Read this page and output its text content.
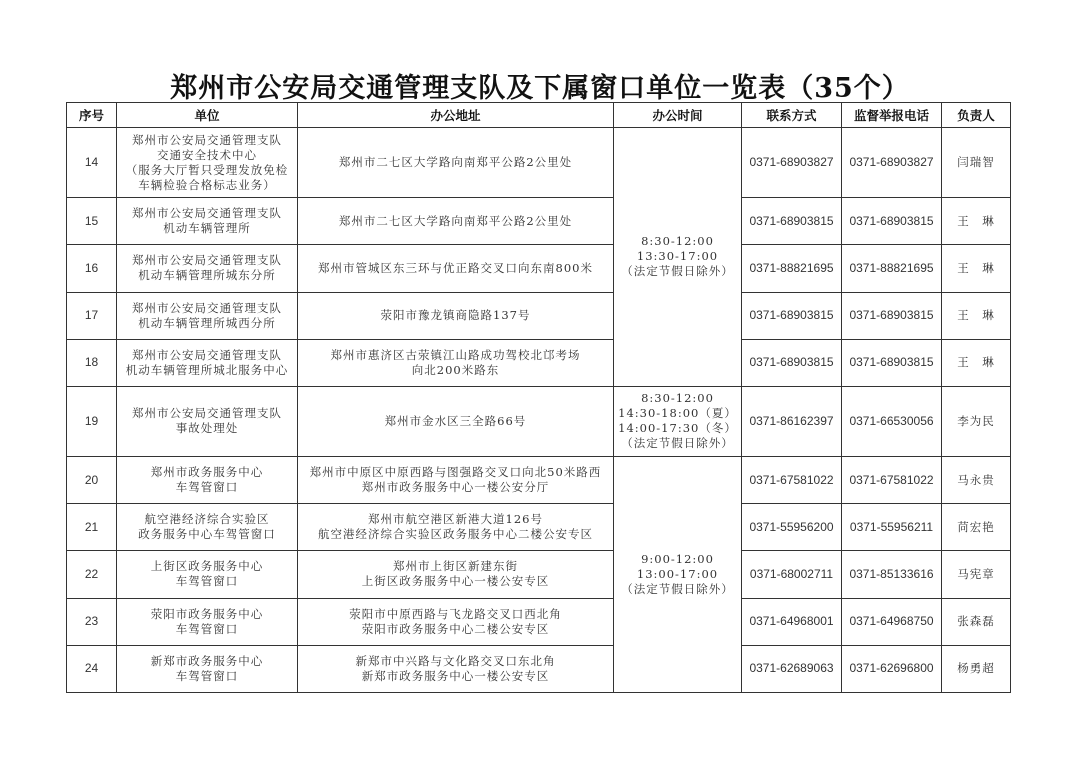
郑州市公安局交通管理支队及下属窗口单位一览表（35个）
序号	单位	办公地址	办公时间	联系方式	监督举报电话	负责人
14	郑州市公安局交通管理支队
交通安全技术中心
（服务大厅暂只受理发放免检
车辆检验合格标志业务）	郑州市二七区大学路向南郑平公路2公里处	8:30-12:00
13:30-17:00
（法定节假日除外）	0371-68903827	0371-68903827	闫瑞智
15	郑州市公安局交通管理支队
机动车辆管理所	郑州市二七区大学路向南郑平公路2公里处		0371-68903815	0371-68903815	王　琳
16	郑州市公安局交通管理支队
机动车辆管理所城东分所	郑州市管城区东三环与优正路交叉口向东南800米		0371-88821695	0371-88821695	王　琳
17	郑州市公安局交通管理支队
机动车辆管理所城西分所	荥阳市豫龙镇商隐路137号		0371-68903815	0371-68903815	王　琳
18	郑州市公安局交通管理支队
机动车辆管理所城北服务中心	郑州市惠济区古荥镇江山路成功驾校北邙考场
向北200米路东		0371-68903815	0371-68903815	王　琳
19	郑州市公安局交通管理支队
事故处理处	郑州市金水区三全路66号	8:30-12:00
14:30-18:00（夏）
14:00-17:30（冬）
（法定节假日除外）	0371-86162397	0371-66530056	李为民
20	郑州市政务服务中心
车驾管窗口	郑州市中原区中原西路与图强路交叉口向北50米路西
郑州市政务服务中心一楼公安分厅	9:00-12:00
13:00-17:00
（法定节假日除外）	0371-67581022	0371-67581022	马永贵
21	航空港经济综合实验区
政务服务中心车驾管窗口	郑州市航空港区新港大道126号
航空港经济综合实验区政务服务中心二楼公安专区		0371-55956200	0371-55956211	苘宏艳
22	上街区政务服务中心
车驾管窗口	郑州市上街区新建东街
上街区政务服务中心一楼公安专区		0371-68002711	0371-85133616	马宪章
23	荥阳市政务服务中心
车驾管窗口	荥阳市中原西路与飞龙路交叉口西北角
荥阳市政务服务中心二楼公安专区		0371-64968001	0371-64968750	张森磊
24	新郑市政务服务中心
车驾管窗口	新郑市中兴路与文化路交叉口东北角
新郑市政务服务中心一楼公安专区		0371-62689063	0371-62696800	杨勇超
